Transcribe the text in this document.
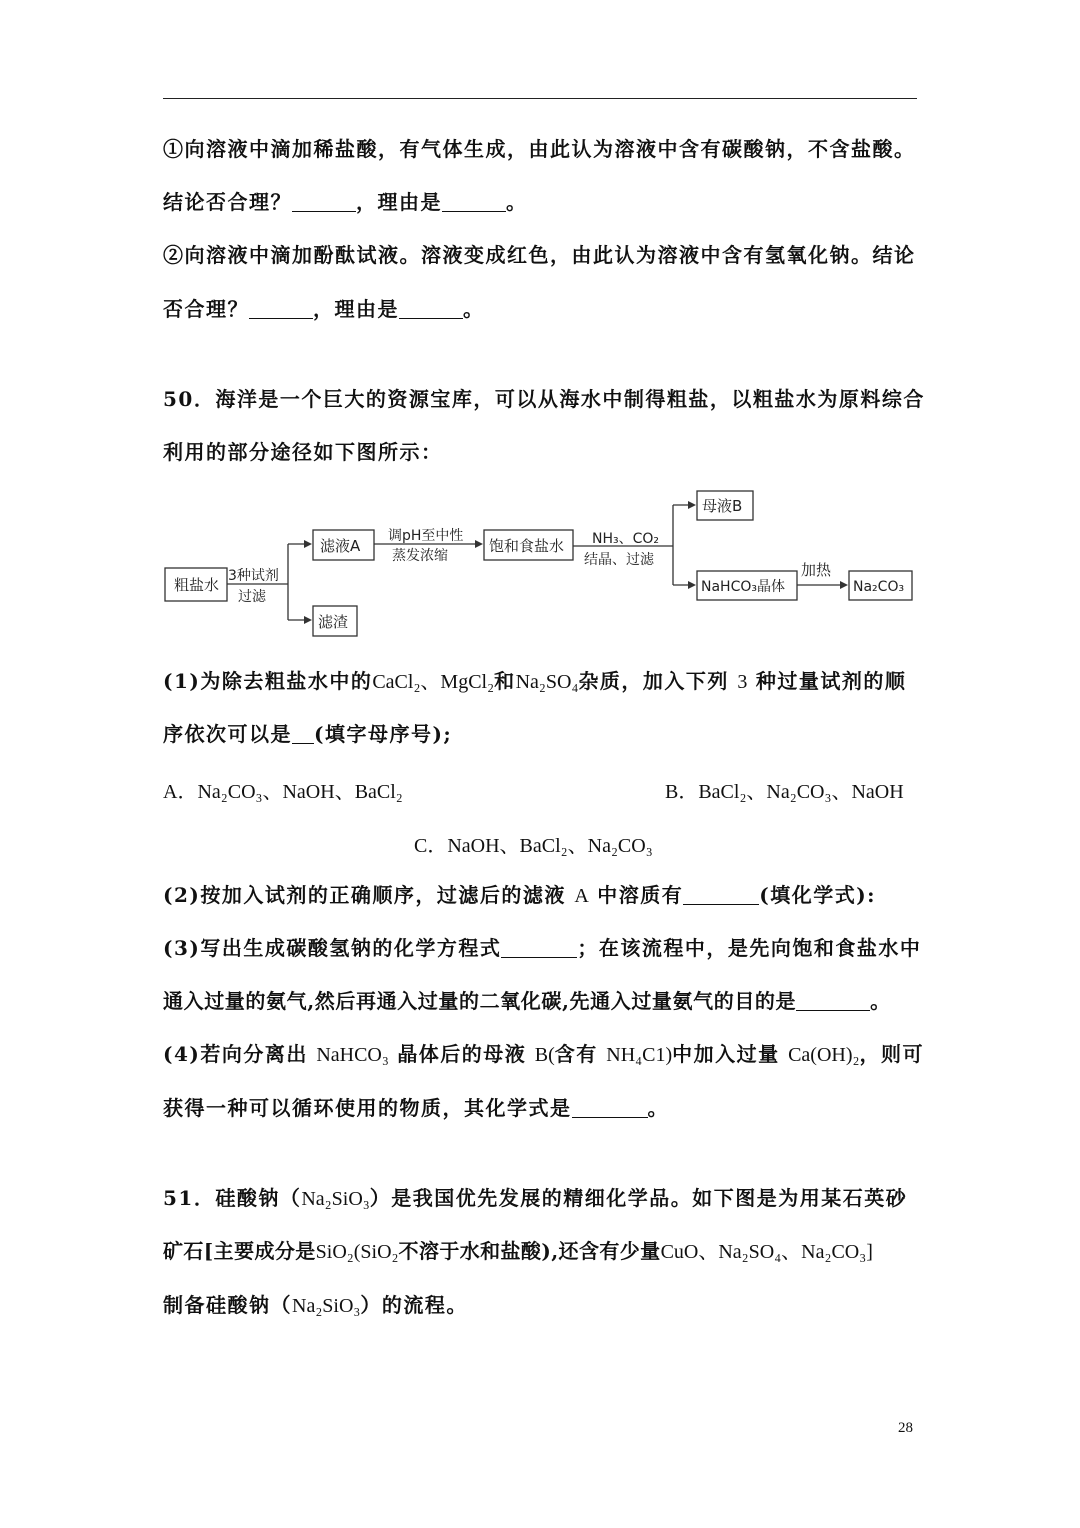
①向溶液中滴加稀盐酸，有气体生成，由此认为溶液中含有碳酸钠，不含盐酸。
结论否合理？	，理由是	。
②向溶液中滴加酚酞试液。溶液变成红色，由此认为溶液中含有氢氧化钠。结论
否合理？	，理由是	。
50．海洋是一个巨大的资源宝库，可以从海水中制得粗盐，以粗盐水为原料综合
利用的部分途径如下图所示：
粗盐水 3种试剂
过滤
滤液A
滤渣
调pH至中性
蒸发浓缩
饱和食盐水 NH₃、CO₂
结晶、过滤
母液B
NaHCO₃晶体
加热
Na₂CO₃
(1)为除去粗盐水中的CaCl₂、MgCl₂和Na₂SO₄杂质，加入下列 3 种过量试剂的顺
序依次可以是 (填字母序号);
A．Na₂CO₃、NaOH、BaCl₂	B．BaCl₂、Na₂CO₃、NaOH
C．NaOH、BaCl₂、Na₂CO₃
(2)按加入试剂的正确顺序，过滤后的滤液 A 中溶质有	(填化学式):
(3)写出生成碳酸氢钠的化学方程式	；在该流程中，是先向饱和食盐水中
通入过量的氨气,然后再通入过量的二氧化碳,先通入过量氨气的目的是	。
(4)若向分离出 NaHCO₃ 晶体后的母液 B(含有 NH₄C1)中加入过量 Ca(OH)₂，则可
获得一种可以循环使用的物质，其化学式是	。
51．硅酸钠（Na₂SiO₃）是我国优先发展的精细化学品。如下图是为用某石英砂
矿石[主要成分是SiO₂(SiO₂不溶于水和盐酸),还含有少量CuO、Na₂SO₄、Na₂CO₃]
制备硅酸钠（Na₂SiO₃）的流程。
28
